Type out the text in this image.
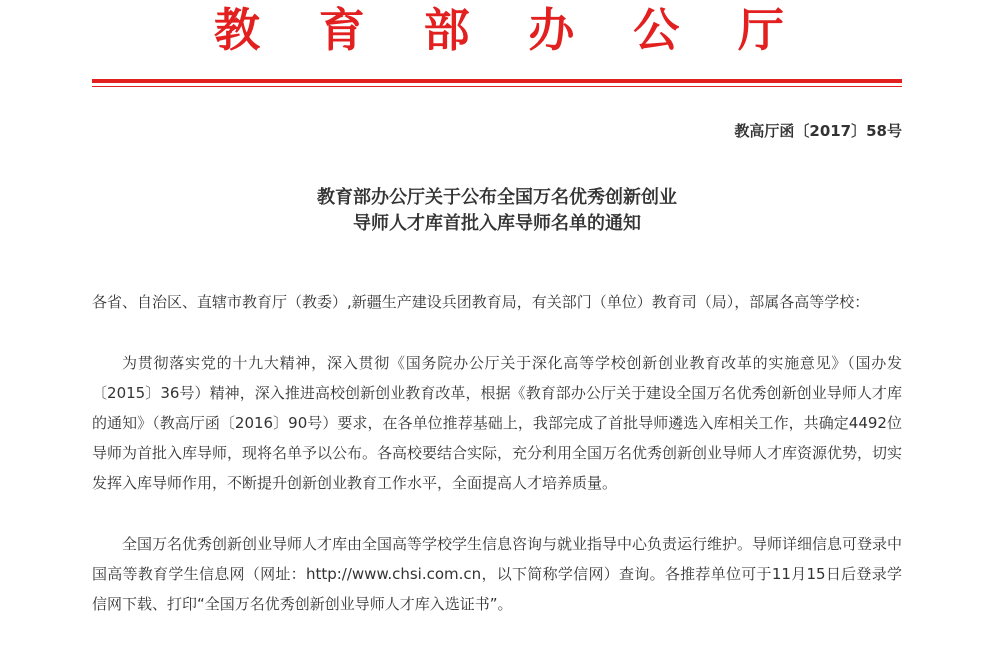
教 育 部 办 公 厅
教高厅函〔2017〕58号
教育部办公厅关于公布全国万名优秀创新创业
导师人才库首批入库导师名单的通知

各省、自治区、直辖市教育厅（教委）,新疆生产建设兵团教育局，有关部门（单位）教育司（局），部属各高等学校：

为贯彻落实党的十九大精神，深入贯彻《国务院办公厅关于深化高等学校创新创业教育改革的实施意见》（国办发〔2015〕36号）精神，深入推进高校创新创业教育改革，根据《教育部办公厅关于建设全国万名优秀创新创业导师人才库的通知》（教高厅函〔2016〕90号）要求，在各单位推荐基础上，我部完成了首批导师遴选入库相关工作，共确定4492位导师为首批入库导师，现将名单予以公布。各高校要结合实际，充分利用全国万名优秀创新创业导师人才库资源优势，切实发挥入库导师作用，不断提升创新创业教育工作水平，全面提高人才培养质量。

全国万名优秀创新创业导师人才库由全国高等学校学生信息咨询与就业指导中心负责运行维护。导师详细信息可登录中国高等教育学生信息网（网址：http://www.chsi.com.cn，以下简称学信网）查询。各推荐单位可于11月15日后登录学信网下载、打印“全国万名优秀创新创业导师人才库入选证书”。
